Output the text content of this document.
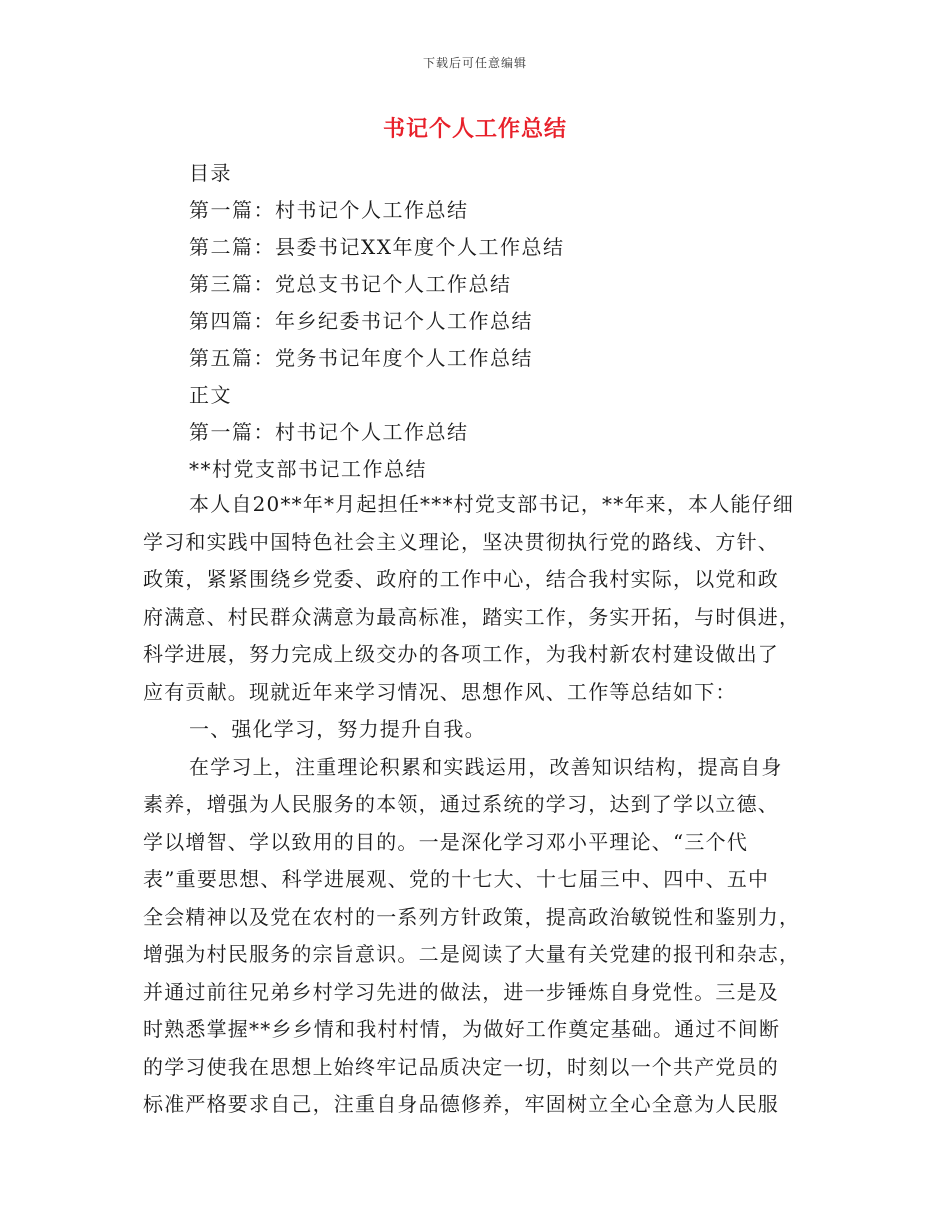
下载后可任意编辑
书记个人工作总结
目录
第一篇：村书记个人工作总结
第二篇：县委书记XX年度个人工作总结
第三篇：党总支书记个人工作总结
第四篇：年乡纪委书记个人工作总结
第五篇：党务书记年度个人工作总结
正文
第一篇：村书记个人工作总结
**村党支部书记工作总结
本人自20**年*月起担任***村党支部书记，**年来，本人能仔细
学习和实践中国特色社会主义理论，坚决贯彻执行党的路线、方针、
政策，紧紧围绕乡党委、政府的工作中心，结合我村实际，以党和政
府满意、村民群众满意为最高标准，踏实工作，务实开拓，与时俱进，
科学进展，努力完成上级交办的各项工作，为我村新农村建设做出了
应有贡献。现就近年来学习情况、思想作风、工作等总结如下：
一、强化学习，努力提升自我。
在学习上，注重理论积累和实践运用，改善知识结构，提高自身
素养，增强为人民服务的本领，通过系统的学习，达到了学以立德、
学以增智、学以致用的目的。一是深化学习邓小平理论、“三个代
表”重要思想、科学进展观、党的十七大、十七届三中、四中、五中
全会精神以及党在农村的一系列方针政策，提高政治敏锐性和鉴别力，
增强为村民服务的宗旨意识。二是阅读了大量有关党建的报刊和杂志，
并通过前往兄弟乡村学习先进的做法，进一步锤炼自身党性。三是及
时熟悉掌握**乡乡情和我村村情，为做好工作奠定基础。通过不间断
的学习使我在思想上始终牢记品质决定一切，时刻以一个共产党员的
标准严格要求自己，注重自身品德修养，牢固树立全心全意为人民服
